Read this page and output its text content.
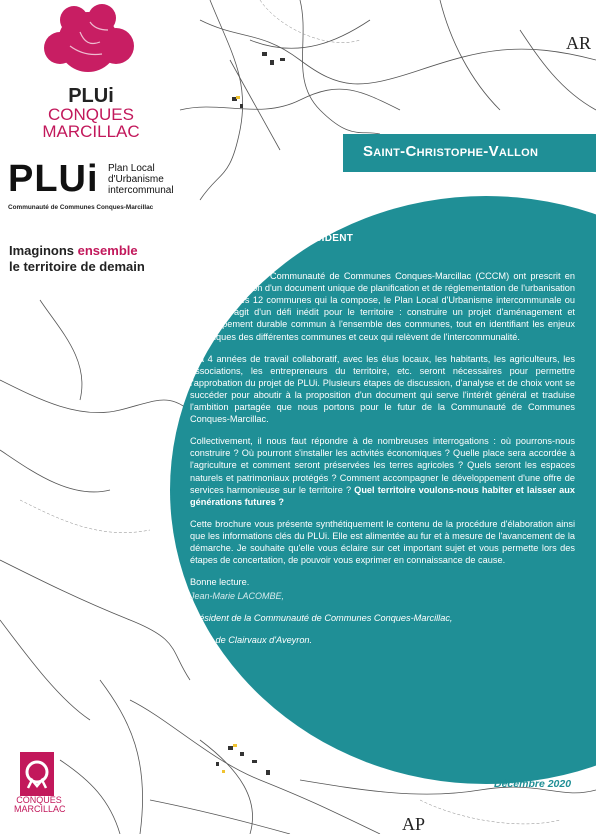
PLUi
CONQUES
MARCILLAC
PLUi Plan Local
d'Urbanisme
intercommunal
Communauté de Communes Conques-Marcillac
Imaginons ensemble
le territoire de demain
AR
AP
Saint-Christophe-Vallon
Le mot du President

Les élus de la Communauté de Communes Conques-Marcillac (CCCM) ont prescrit en 2019 l'élaboration d'un document unique de planification et de réglementation de l'urbanisation à l'échelle des 12 communes qui la compose, le Plan Local d'Urbanisme intercommunale ou PLUi. Il s'agit d'un défi inédit pour le territoire : construire un projet d'aménagement et développement durable commun à l'ensemble des communes, tout en identifiant les enjeux spécifiques des différentes communes et ceux qui relèvent de l'intercommunalité.

3 à 4 années de travail collaboratif, avec les élus locaux, les habitants, les agriculteurs, les associations, les entrepreneurs du territoire, etc. seront nécessaires pour permettre l'approbation du projet de PLUi. Plusieurs étapes de discussion, d'analyse et de choix vont se succéder pour aboutir à la proposition d'un document qui serve l'intérêt général et traduise l'ambition partagée que nous portons pour le futur de la Communauté de Communes Conques-Marcillac.

Collectivement, il nous faut répondre à de nombreuses interrogations : où pourrons-nous construire ? Où pourront s'installer les activités économiques ? Quelle place sera accordée à l'agriculture et comment seront préservées les terres agricoles ? Quels seront les espaces naturels et patrimoniaux protégés ? Comment accompagner le développement d'une offre de services harmonieuse sur le territoire ? Quel territoire voulons-nous habiter et laisser aux générations futures ?

Cette brochure vous présente synthétiquement le contenu de la procédure d'élaboration ainsi que les informations clés du PLUi. Elle est alimentée au fur et à mesure de l'avancement de la démarche. Je souhaite qu'elle vous éclaire sur cet important sujet et vous permette lors des étapes de concertation, de pouvoir vous exprimer en connaissance de cause.

Bonne lecture.

Jean-Marie LACOMBE,

Président de la Communauté de Communes Conques-Marcillac,

Maire de Clairvaux d'Aveyron.

Décembre 2020
CONQUES
MARCILLAC
